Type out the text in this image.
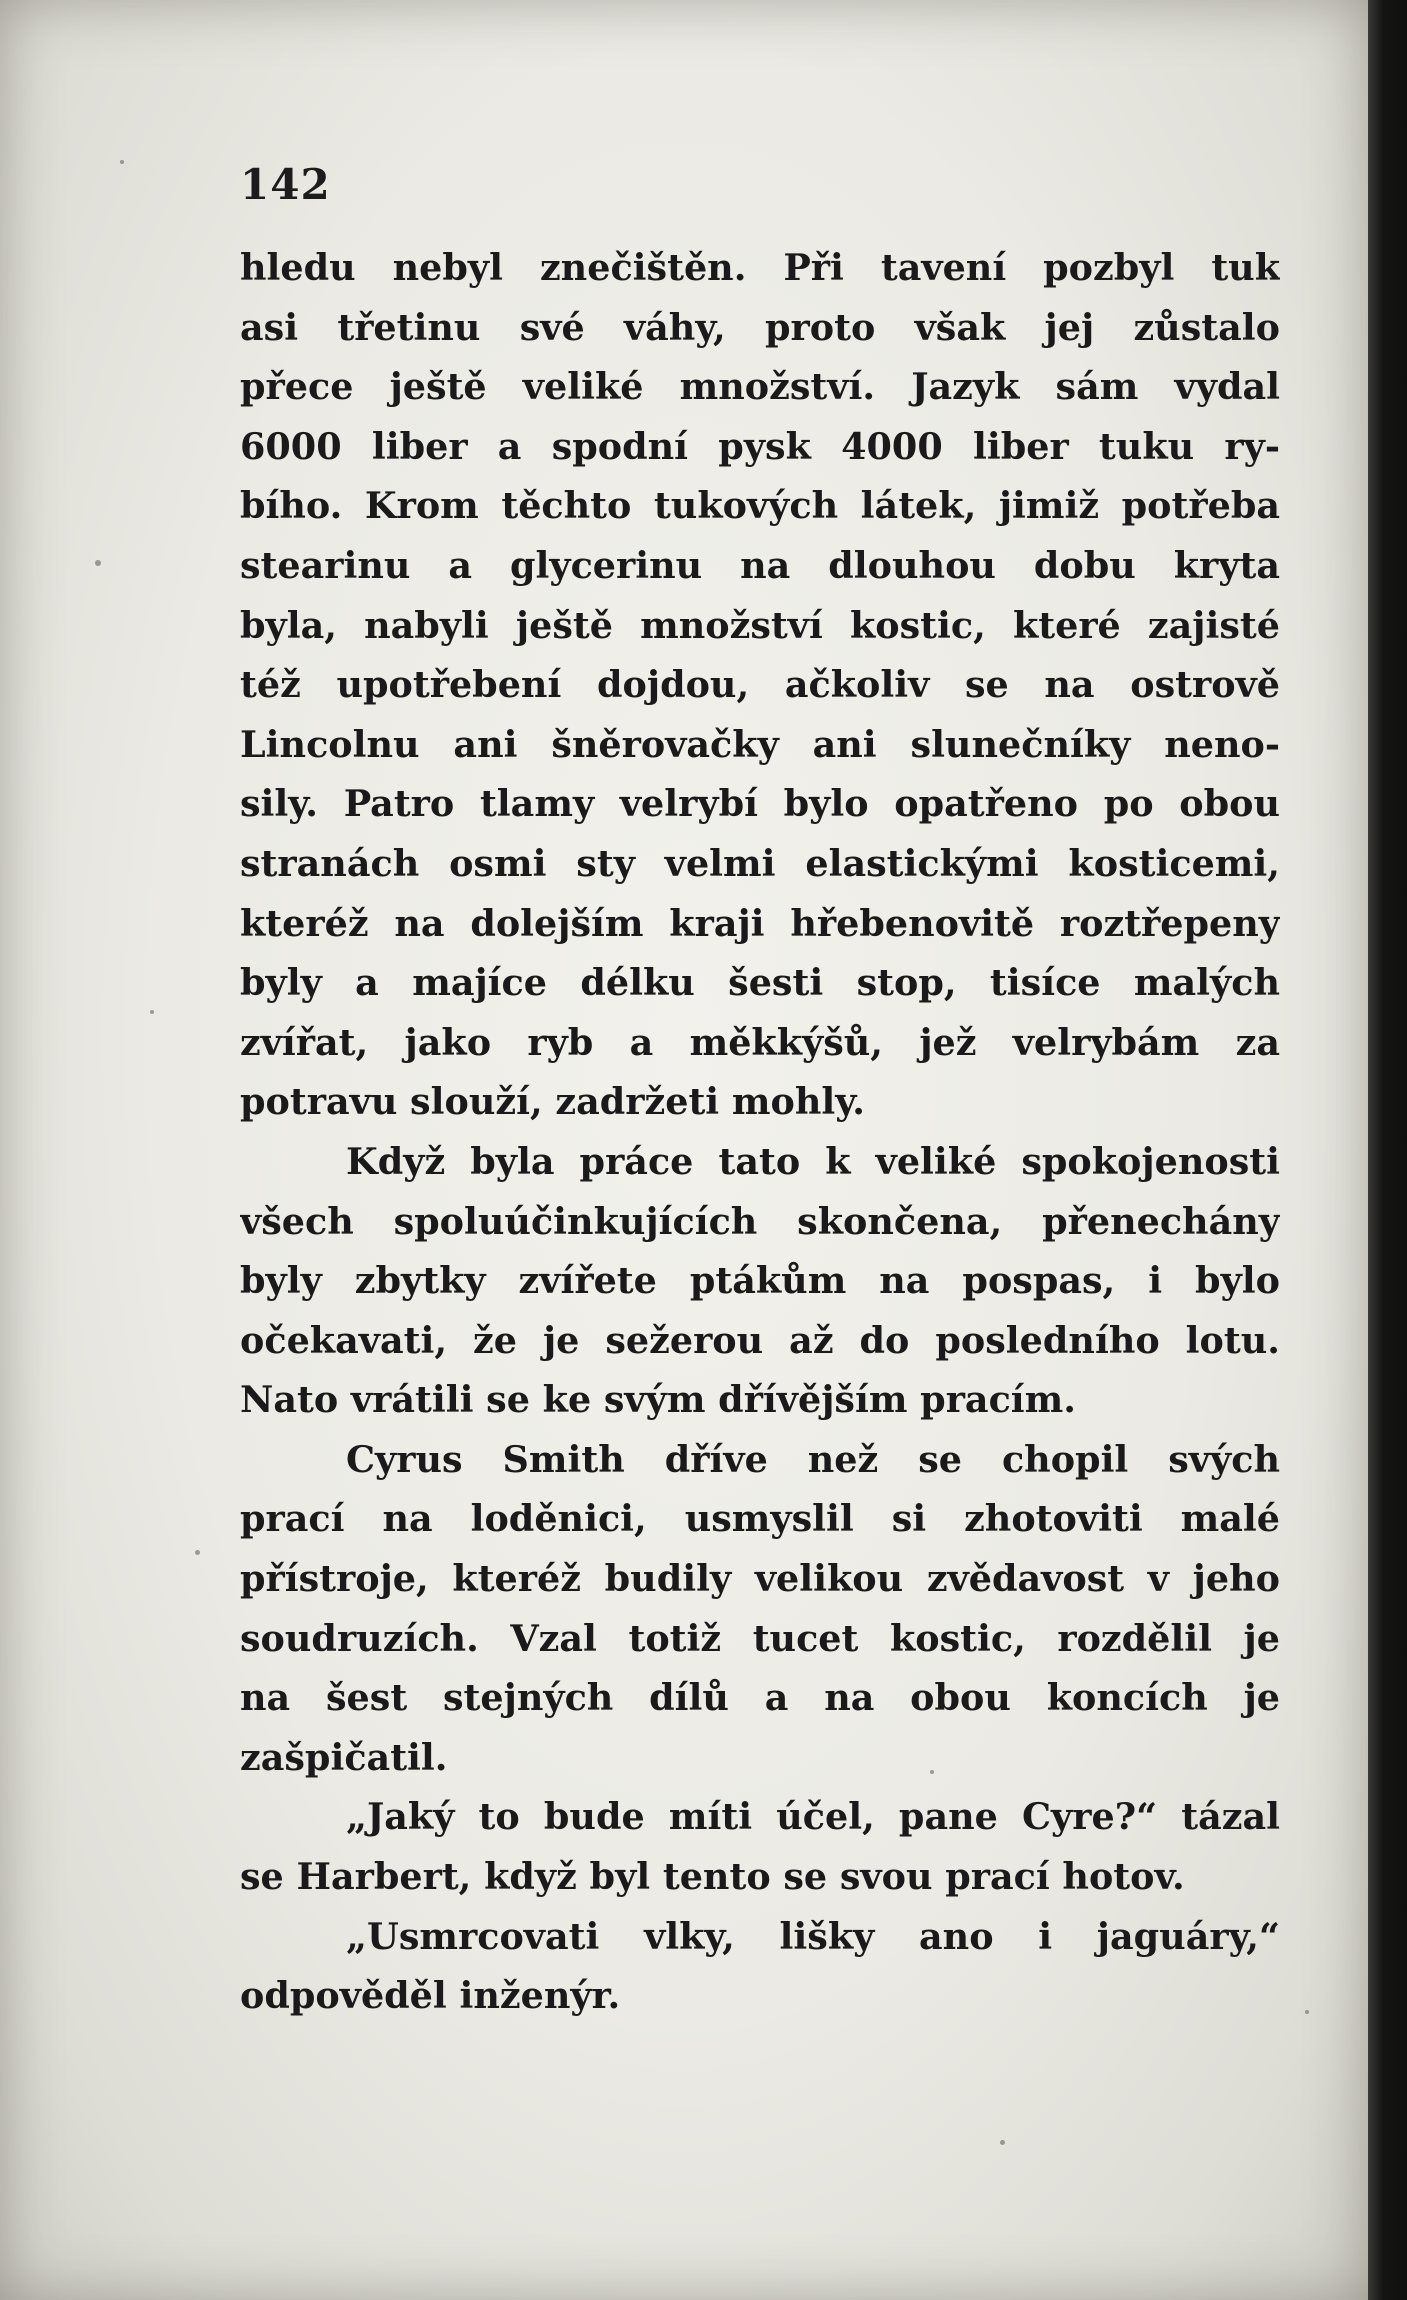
142

hledu nebyl znečištěn. Při tavení pozbyl tuk
asi třetinu své váhy, proto však jej zůstalo
přece ještě veliké množství. Jazyk sám vydal
6000 liber a spodní pysk 4000 liber tuku ry-
bího. Krom těchto tukových látek, jimiž potřeba
stearinu a glycerinu na dlouhou dobu kryta
byla, nabyli ještě množství kostic, které zajisté
též upotřebení dojdou, ačkoliv se na ostrově
Lincolnu ani šněrovačky ani slunečníky neno-
sily. Patro tlamy velrybí bylo opatřeno po obou
stranách osmi sty velmi elastickými kosticemi,
kteréž na dolejším kraji hřebenovitě roztřepeny
byly a majíce délku šesti stop, tisíce malých
zvířat, jako ryb a měkkýšů, jež velrybám za
potravu slouží, zadržeti mohly.
Když byla práce tato k veliké spokojenosti
všech spoluúčinkujících skončena, přenechány
byly zbytky zvířete ptákům na pospas, i bylo
očekavati, že je sežerou až do posledního lotu.
Nato vrátili se ke svým dřívějším pracím.
Cyrus Smith dříve než se chopil svých
prací na loděnici, usmyslil si zhotoviti malé
přístroje, kteréž budily velikou zvědavost v jeho
soudruzích. Vzal totiž tucet kostic, rozdělil je
na šest stejných dílů a na obou koncích je
zašpičatil.
„Jaký to bude míti účel, pane Cyre?“ tázal
se Harbert, když byl tento se svou prací hotov.
„Usmrcovati vlky, lišky ano i jaguáry,“
odpověděl inženýr.
